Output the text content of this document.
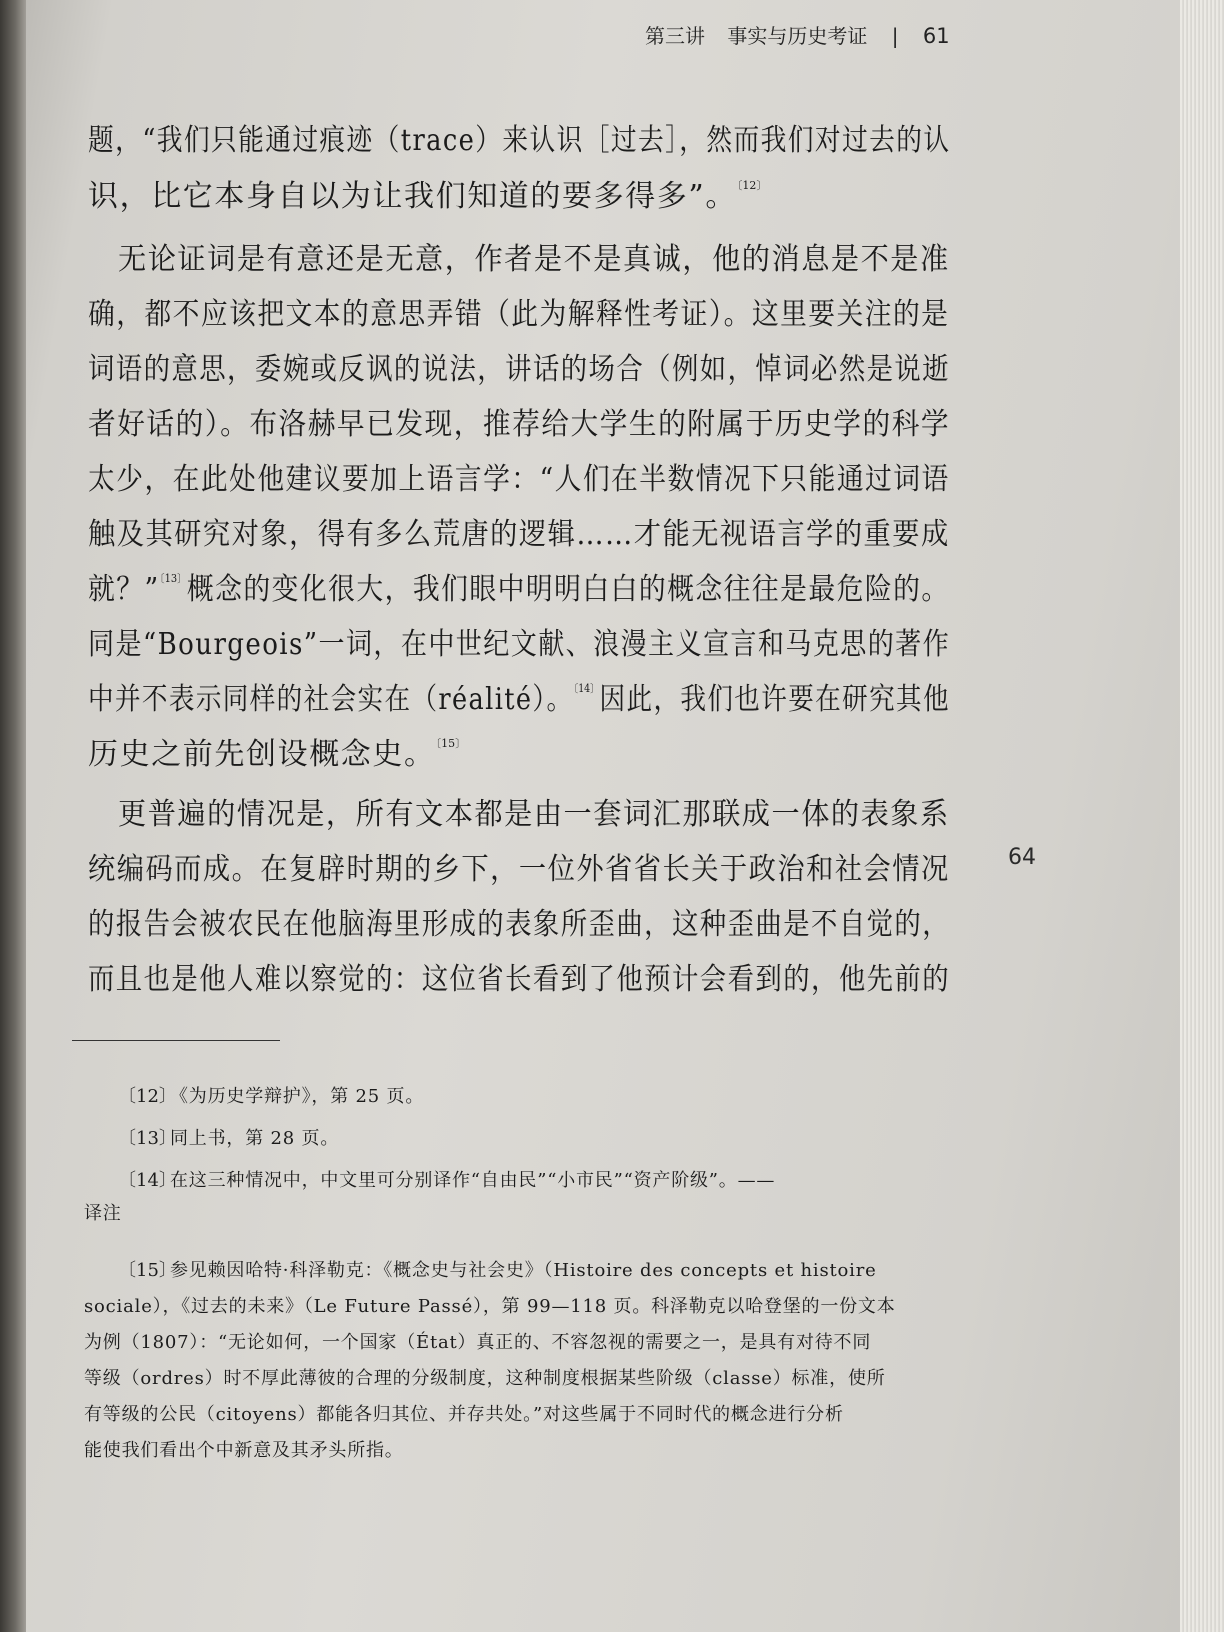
第三讲 事实与历史考证 | 61

题，“我们只能通过痕迹（trace）来认识［过去］，然而我们对过去的认

识，比它本身自以为让我们知道的要多得多”。$^{〔12〕}$

无论证词是有意还是无意，作者是不是真诚，他的消息是不是准

确，都不应该把文本的意思弄错（此为解释性考证）。这里要关注的是

词语的意思，委婉或反讽的说法，讲话的场合（例如，悼词必然是说逝

者好话的）。布洛赫早已发现，推荐给大学生的附属于历史学的科学

太少，在此处他建议要加上语言学：“人们在半数情况下只能通过词语

触及其研究对象，得有多么荒唐的逻辑……才能无视语言学的重要成

就？”$^{〔13〕}$概念的变化很大，我们眼中明明白白的概念往往是最危险的。

同是“Bourgeois”一词，在中世纪文献、浪漫主义宣言和马克思的著作

中并不表示同样的社会实在（réalité）。$^{〔14〕}$因此，我们也许要在研究其他

历史之前先创设概念史。$^{〔15〕}$

更普遍的情况是，所有文本都是由一套词汇那联成一体的表象系

统编码而成。在复辟时期的乡下，一位外省省长关于政治和社会情况

的报告会被农民在他脑海里形成的表象所歪曲，这种歪曲是不自觉的，

而且也是他人难以察觉的：这位省长看到了他预计会看到的，他先前的

64

〔12〕《为历史学辩护》，第 25 页。

〔13〕同上书，第 28 页。

〔14〕在这三种情况中，中文里可分别译作“自由民”“小市民”“资产阶级”。——

译注

〔15〕参见赖因哈特·科泽勒克：《概念史与社会史》（Histoire des concepts et histoire

sociale），《过去的未来》（Le Future Passé），第 99—118 页。科泽勒克以哈登堡的一份文本

为例（1807）：“无论如何，一个国家（État）真正的、不容忽视的需要之一，是具有对待不同

等级（ordres）时不厚此薄彼的合理的分级制度，这种制度根据某些阶级（classe）标准，使所

有等级的公民（citoyens）都能各归其位、并存共处。”对这些属于不同时代的概念进行分析

能使我们看出个中新意及其矛头所指。
